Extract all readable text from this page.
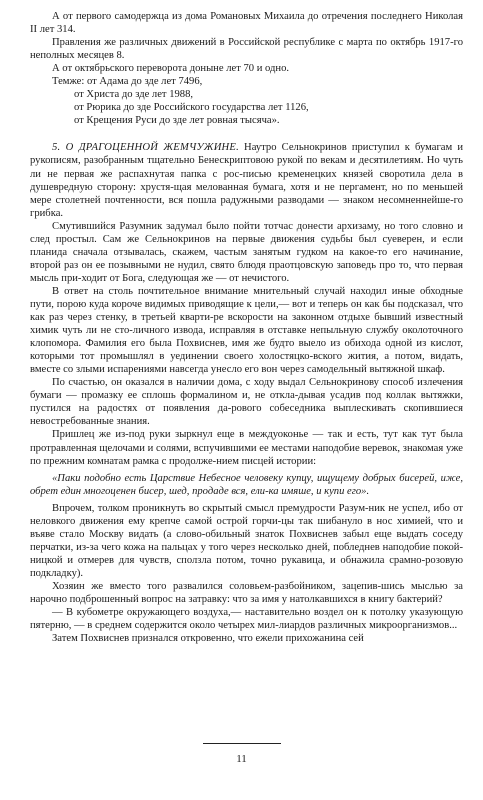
А от первого самодержца из дома Романовых Михаила до отречения последнего Николая II лет 314.

Правления же различных движений в Российской республике с марта по октябрь 1917-го неполных месяцев 8.

А от октябрьского переворота доныне лет 70 и одно.

Темже: от Адама до зде лет 7496,

от Христа до зде лет 1988,

от Рюрика до зде Российского государства лет 1126,

от Крещения Руси до зде лет ровная тысяча».

5. О ДРАГОЦЕННОЙ ЖЕМЧУЖИНЕ. Наутро Сельнокринов приступил к бумагам и рукописям, разобранным тщательно Бенескриптовою рукой по векам и десятилетиям. Но чуть ли не первая же распахнутая папка с рос-писью кременецких князей своротила дела в душевредную сторону: хрустя-щая мелованная бумага, хотя и не пергамент, но по меньшей мере столетней почтенности, вся пошла радужными разводами — знаком несомненнейше-го грибка.

Смутившийся Разумник задумал было пойти тотчас донести архизаму, но того словно и след простыл. Сам же Сельнокринов на первые движения судьбы был суеверен, и если планида сначала отзывалась, скажем, частым занятым гудком на какое-то его начинание, второй раз он ее позывными не нудил, свято блюдя праотцовскую заповедь про то, что первая мысль при-ходит от Бога, следующая же — от нечистого.

В ответ на столь почтительное внимание мнительный случай находил иные обходные пути, порою куда короче видимых приводящие к цели,— вот и теперь он как бы подсказал, что как раз через стенку, в третьей кварти-ре вскорости на законном отдыхе бывший известный химик чуть ли не сто-личного извода, исправляя в отставке непыльную службу околоточного клопомора. Фамилия его была Похвиснев, имя же будто выело из обихода одной из кислот, которыми тот промышлял в уединении своего холостяцко-вского жития, а потом, видать, вместе со злыми испарениями навсегда унесло его вон через самодельный вытяжной шкаф.

По счастью, он оказался в наличии дома, с ходу выдал Сельнокринову способ излечения бумаги — промазку ее сплошь формалином и, не откла-дывая усадив под коллак вытяжки, пустился на радостях от появления да-рового собеседника выплескивать скопившиеся невостребованные знания.

Пришлец же из-под руки зыркнул еще в междуоконье — так и есть, тут как тут была протравленная щелочами и солями, вспучившими ее местами наподобие веревок, знакомая уже по прежним комнатам рамка с продолже-нием писцей истории:

«Паки подобно есть Царствие Небесное человеку купцу, ищущему добрых бисерей, иже, обрет един многоценен бисер, шед, продаде вся, ели-ка имяше, и купи его».

Впрочем, толком проникнуть во скрытый смысл премудрости Разум-ник не успел, ибо от неловкого движения ему крепче самой острой горчи-цы так шибануло в нос химией, что и въяве стало Москву видать (а слово-обильный знаток Похвиснев забыл еще выдать соседу перчатки, из-за чего кожа на пальцах у того через несколько дней, побледнев наподобие покой-ницкой и отмерев для чувств, сползла потом, точно рукавица, и обнажила срамно-розовую подкладку).

Хозяин же вместо того развалился соловьем-разбойником, зацепив-шись мыслью за нарочно подброшенный вопрос на затравку: что за имя у натолкавшихся в книгу бактерий?

— В кубометре окружающего воздуха,— наставительно воздел он к потолку указующую пятерню, — в среднем содержится около четырех мил-лиардов различных микроорганизмов...

Затем Похвиснев признался откровенно, что ежели прихожанина сей

11
